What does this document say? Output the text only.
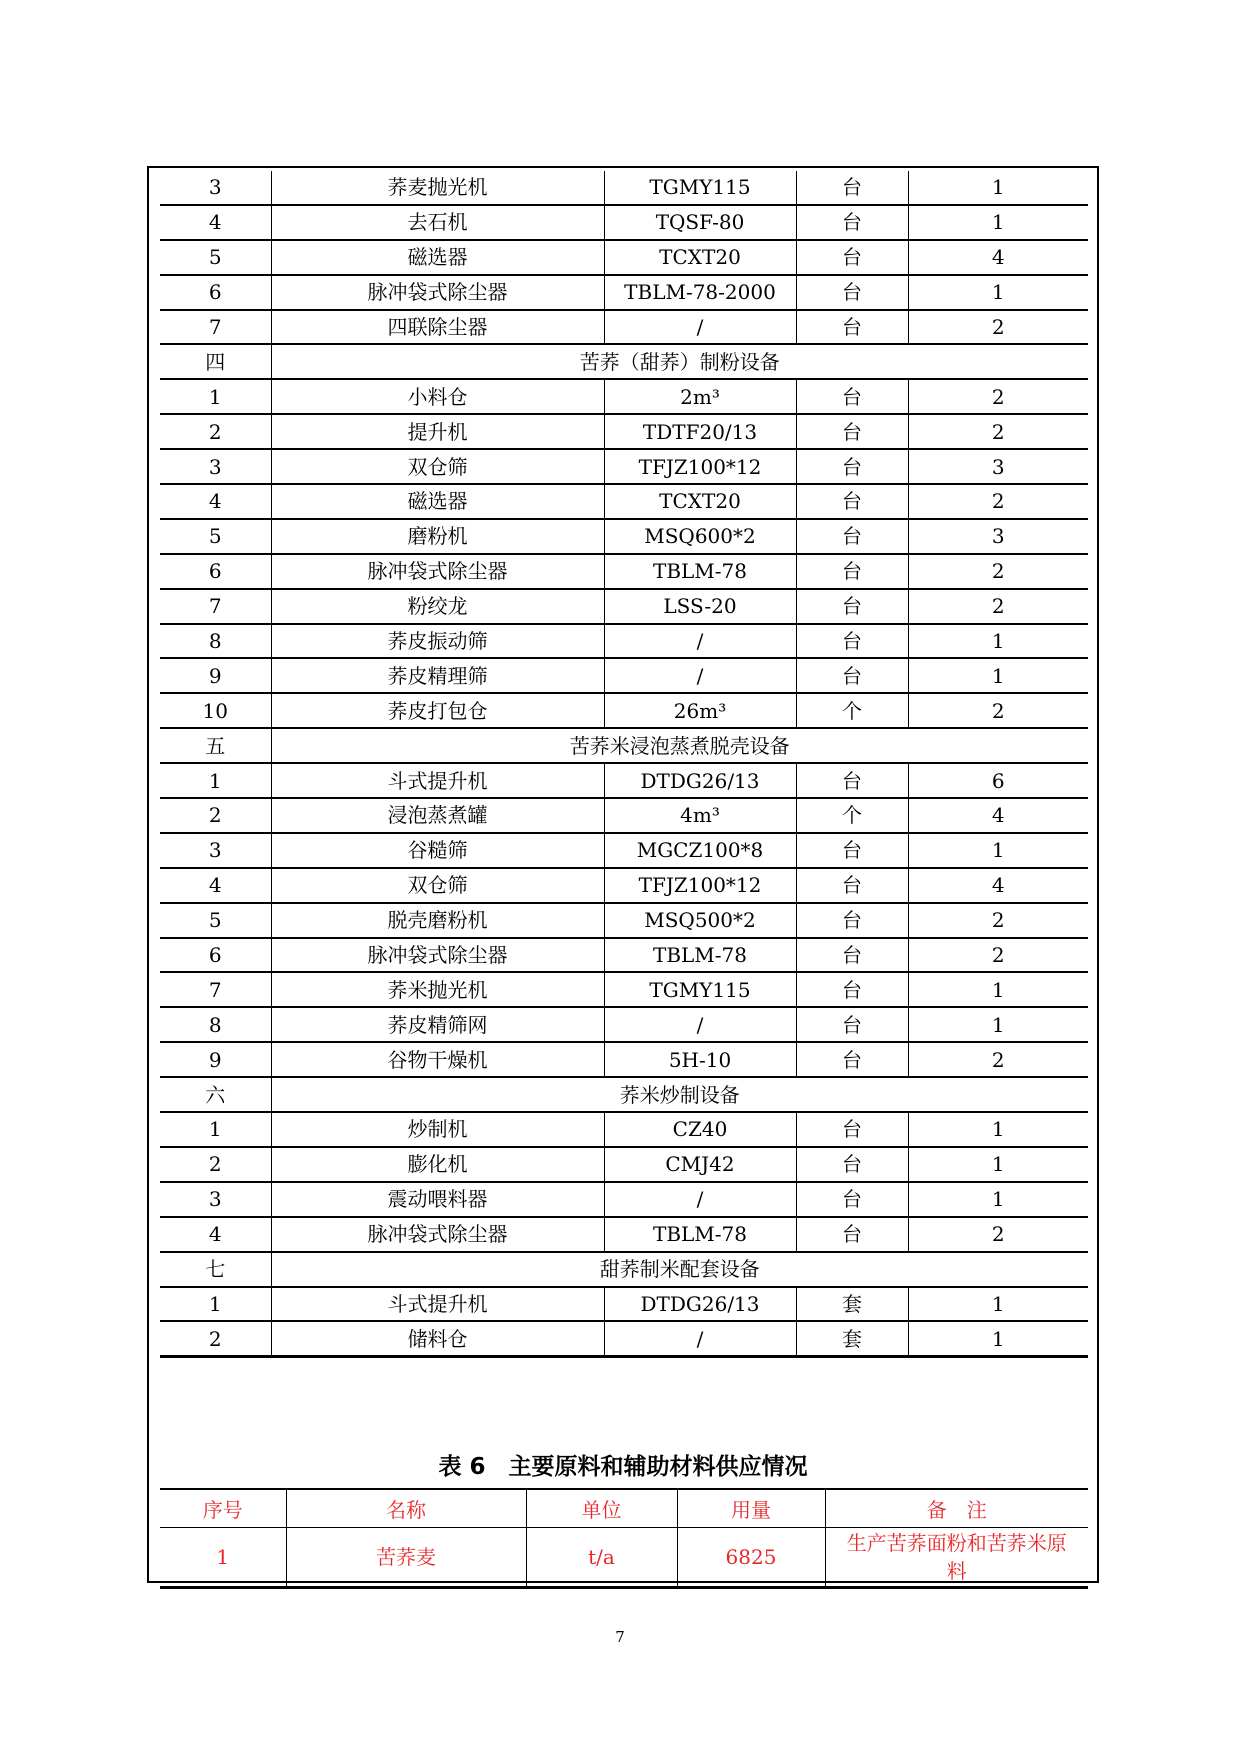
3	荞麦抛光机	TGMY115	台	1
4	去石机	TQSF-80	台	1
5	磁选器	TCXT20	台	4
6	脉冲袋式除尘器	TBLM-78-2000	台	1
7	四联除尘器	/	台	2
四	苦荞（甜荞）制粉设备			
1	小料仓	2m³	台	2
2	提升机	TDTF20/13	台	2
3	双仓筛	TFJZ100*12	台	3
4	磁选器	TCXT20	台	2
5	磨粉机	MSQ600*2	台	3
6	脉冲袋式除尘器	TBLM-78	台	2
7	粉绞龙	LSS-20	台	2
8	荞皮振动筛	/	台	1
9	荞皮精理筛	/	台	1
10	荞皮打包仓	26m³	个	2
五	苦荞米浸泡蒸煮脱壳设备			
1	斗式提升机	DTDG26/13	台	6
2	浸泡蒸煮罐	4m³	个	4
3	谷糙筛	MGCZ100*8	台	1
4	双仓筛	TFJZ100*12	台	4
5	脱壳磨粉机	MSQ500*2	台	2
6	脉冲袋式除尘器	TBLM-78	台	2
7	荞米抛光机	TGMY115	台	1
8	荞皮精筛网	/	台	1
9	谷物干燥机	5H-10	台	2
六	荞米炒制设备			
1	炒制机	CZ40	台	1
2	膨化机	CMJ42	台	1
3	震动喂料器	/	台	1
4	脉冲袋式除尘器	TBLM-78	台	2
七	甜荞制米配套设备			
1	斗式提升机	DTDG26/13	套	1
2	储料仓	/	套	1
表 6　主要原料和辅助材料供应情况
序号	名称	单位	用量	备　注
1	苦荞麦	t/a	6825	生产苦荞面粉和苦荞米原料
7
